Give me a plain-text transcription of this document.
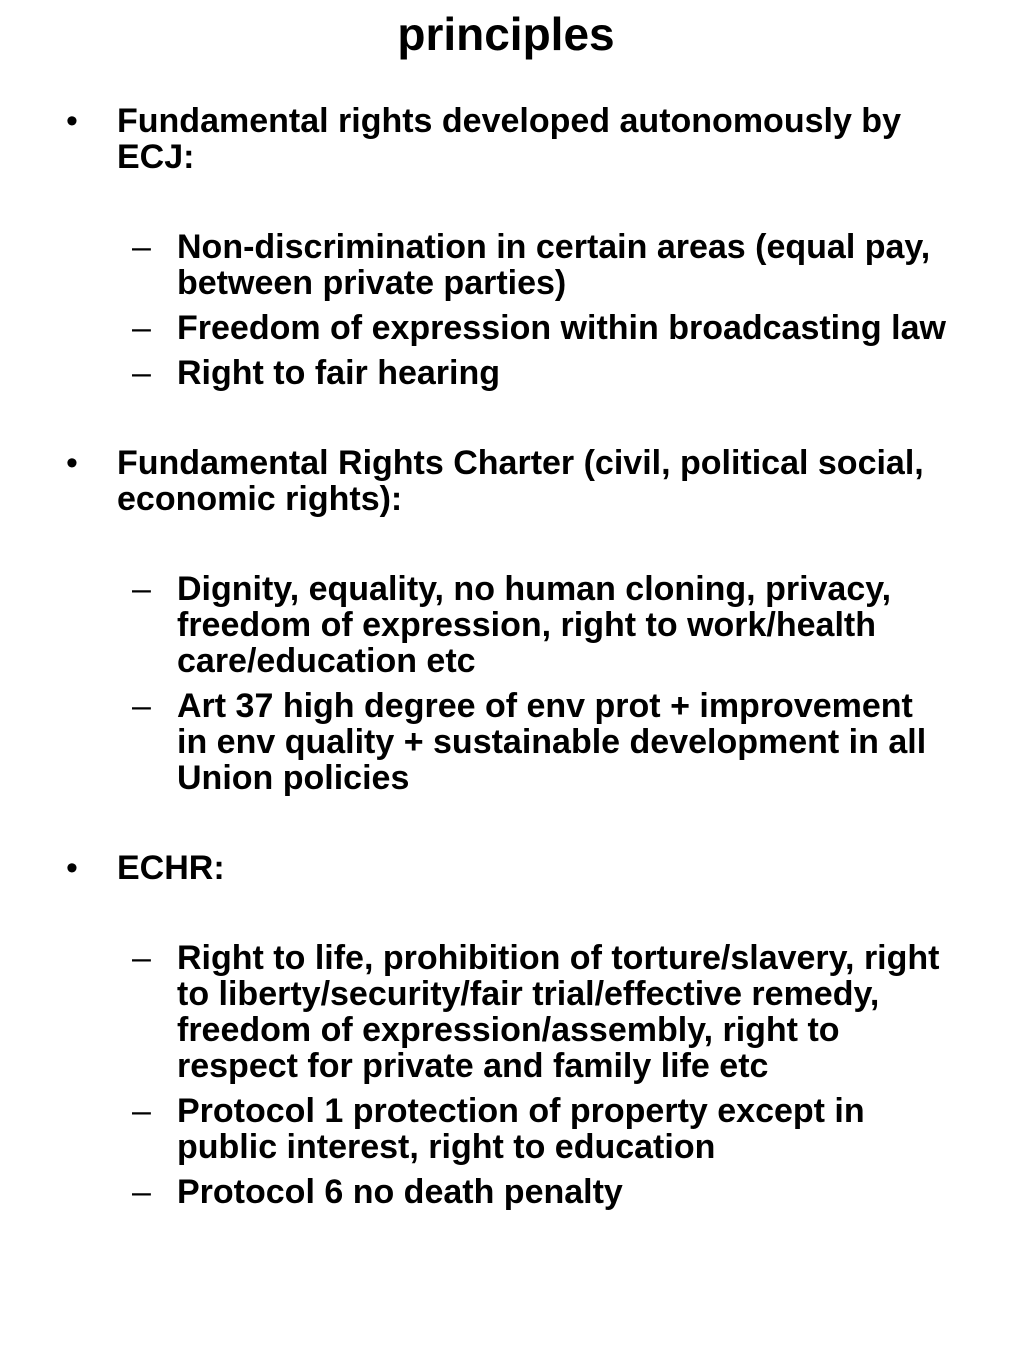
principles
• Fundamental rights developed autonomously by ECJ:
– Non-discrimination in certain areas (equal pay, between private parties)
– Freedom of expression within broadcasting law
– Right to fair hearing
• Fundamental Rights Charter (civil, political social, economic rights):
– Dignity, equality, no human cloning, privacy, freedom of expression, right to work/health care/education etc
– Art 37 high degree of env prot + improvement in env quality + sustainable development in all Union policies
• ECHR:
– Right to life, prohibition of torture/slavery, right to liberty/security/fair trial/effective remedy, freedom of expression/assembly, right to respect for private and family life etc
– Protocol 1 protection of property except in public interest, right to education
– Protocol 6 no death penalty
